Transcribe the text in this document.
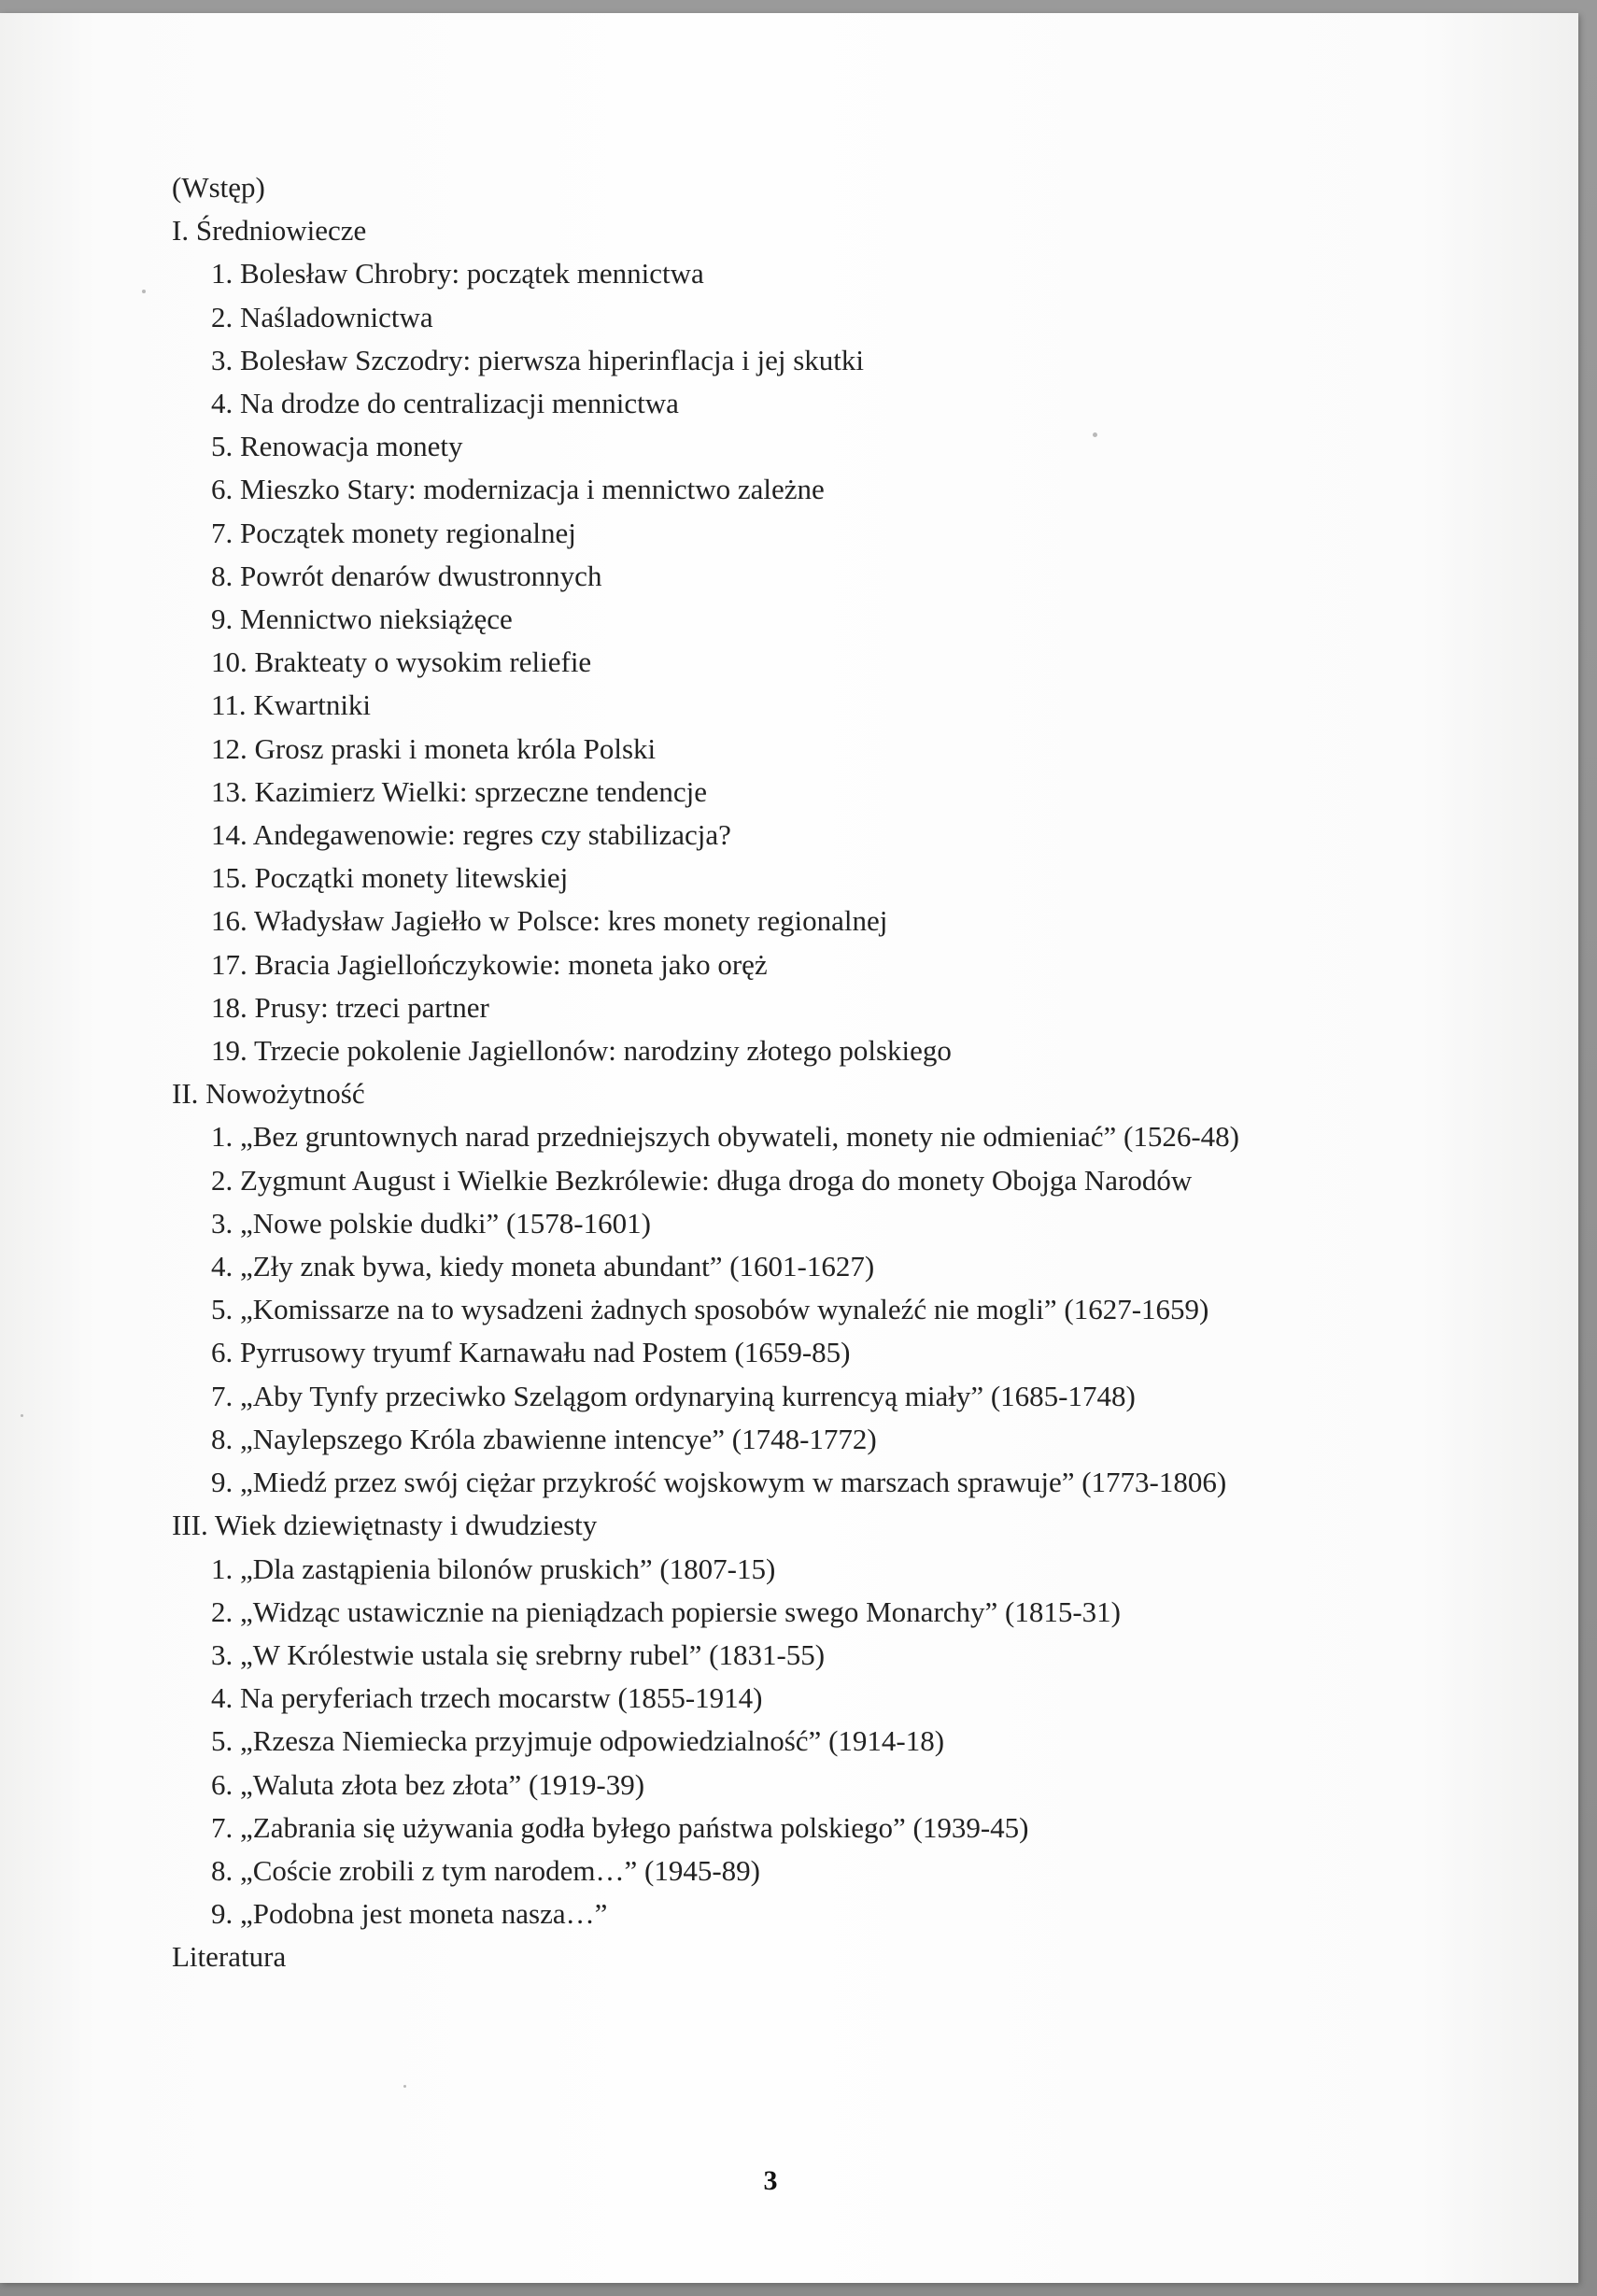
(Wstęp)
I. Średniowiecze
1. Bolesław Chrobry: początek mennictwa
2. Naśladownictwa
3. Bolesław Szczodry: pierwsza hiperinflacja i jej skutki
4. Na drodze do centralizacji mennictwa
5. Renowacja monety
6. Mieszko Stary: modernizacja i mennictwo zależne
7. Początek monety regionalnej
8. Powrót denarów dwustronnych
9. Mennictwo nieksiążęce
10. Brakteaty o wysokim reliefie
11. Kwartniki
12. Grosz praski i moneta króla Polski
13. Kazimierz Wielki: sprzeczne tendencje
14. Andegawenowie: regres czy stabilizacja?
15. Początki monety litewskiej
16. Władysław Jagiełło w Polsce: kres monety regionalnej
17. Bracia Jagiellończykowie: moneta jako oręż
18. Prusy: trzeci partner
19. Trzecie pokolenie Jagiellonów: narodziny złotego polskiego
II. Nowożytność
1. „Bez gruntownych narad przedniejszych obywateli, monety nie odmieniać” (1526-48)
2. Zygmunt August i Wielkie Bezkrólewie: długa droga do monety Obojga Narodów
3. „Nowe polskie dudki” (1578-1601)
4. „Zły znak bywa, kiedy moneta abundant” (1601-1627)
5. „Komissarze na to wysadzeni żadnych sposobów wynaleźć nie mogli” (1627-1659)
6. Pyrrusowy tryumf Karnawału nad Postem (1659-85)
7. „Aby Tynfy przeciwko Szelągom ordynaryiną kurrencyą miały” (1685-1748)
8. „Naylepszego Króla zbawienne intencye” (1748-1772)
9. „Miedź przez swój ciężar przykrość wojskowym w marszach sprawuje” (1773-1806)
III. Wiek dziewiętnasty i dwudziesty
1. „Dla zastąpienia bilonów pruskich” (1807-15)
2. „Widząc ustawicznie na pieniądzach popiersie swego Monarchy” (1815-31)
3. „W Królestwie ustala się srebrny rubel” (1831-55)
4. Na peryferiach trzech mocarstw (1855-1914)
5. „Rzesza Niemiecka przyjmuje odpowiedzialność” (1914-18)
6. „Waluta złota bez złota” (1919-39)
7. „Zabrania się używania godła byłego państwa polskiego” (1939-45)
8. „Coście zrobili z tym narodem…” (1945-89)
9. „Podobna jest moneta nasza…”
Literatura
3
